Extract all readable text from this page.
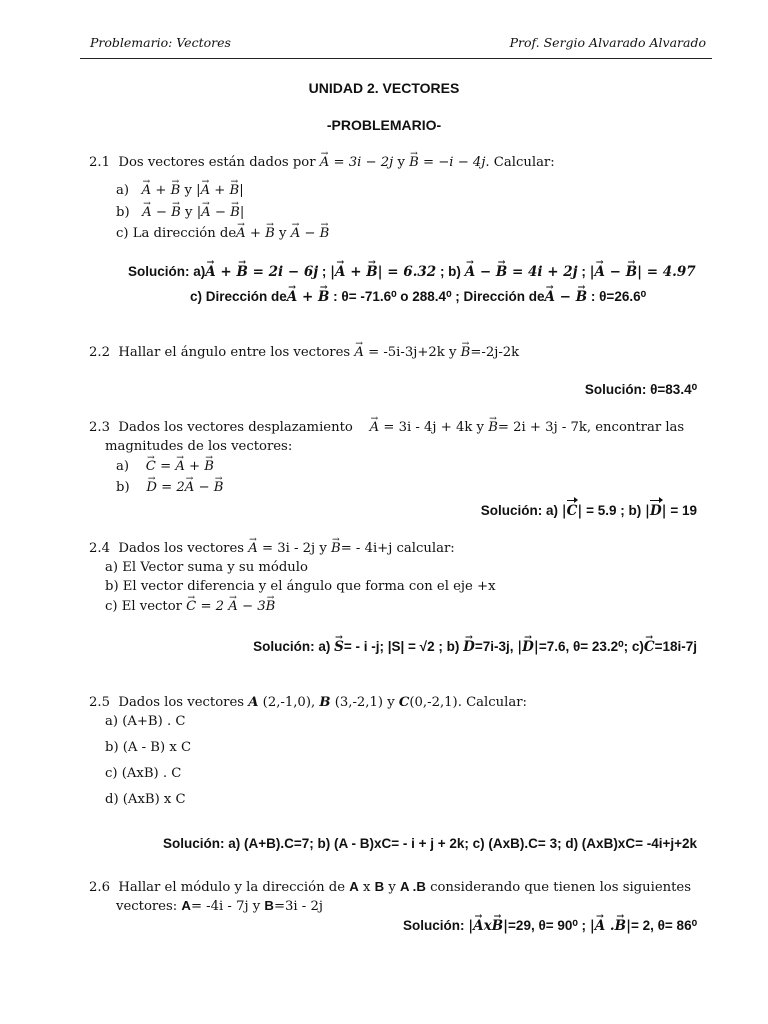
Problemario: Vectores	Prof. Sergio Alvarado Alvarado
UNIDAD 2. VECTORES
-PROBLEMARIO-
2.1 Dos vectores están dados por → A = 3i − 2j y → B = −i − 4j. Calcular:
a) → A + → B y |→ A + → B|
b) → A − → B y |→ A − → B|
c) La dirección de→ A + → B y → A − → B
Solución: a)→ A + → B = 2i − 6j ; |→ A + → B| = 6.32 ; b) → A − → B = 4i + 2j ; |→ A − → B| = 4.97
c) Dirección de→ A + → B : θ= -71.6⁰ o 288.4⁰ ; Dirección de→ A − → B : θ=26.6⁰
2.2 Hallar el ángulo entre los vectores → A = -5i-3j+2k y → B=-2j-2k
Solución: θ=83.4⁰
2.3 Dados los vectores desplazamiento → A = 3i - 4j + 4k y → B= 2i + 3j - 7k, encontrar las
magnitudes de los vectores:
a) → C = → A + → B
b) → D = 2→ A − → B
Solución: a) |C| = 5.9 ; b) |D| = 19
2.4 Dados los vectores → A = 3i - 2j y → B= - 4i+j calcular:
a) El Vector suma y su módulo
b) El vector diferencia y el ángulo que forma con el eje +x
c) El vector → C = 2 → A − 3→ B
Solución: a) → S= - i -j; |S| = √2 ; b) → D=7i-3j, |→ D|=7.6, θ= 23.2⁰; c)→ C=18i-7j
2.5 Dados los vectores A (2,-1,0), B (3,-2,1) y C(0,-2,1). Calcular:
a) (A+B) . C
b) (A - B) x C
c) (AxB) . C
d) (AxB) x C
Solución: a) (A+B).C=7; b) (A - B)xC= - i + j + 2k; c) (AxB).C= 3; d) (AxB)xC= -4i+j+2k
2.6 Hallar el módulo y la dirección de A x B y A .B considerando que tienen los siguientes
vectores: A= -4i - 7j y B=3i - 2j
Solución: |→ Ax→ B|=29, θ= 90⁰ ; |→ A .→ B|= 2, θ= 86⁰
